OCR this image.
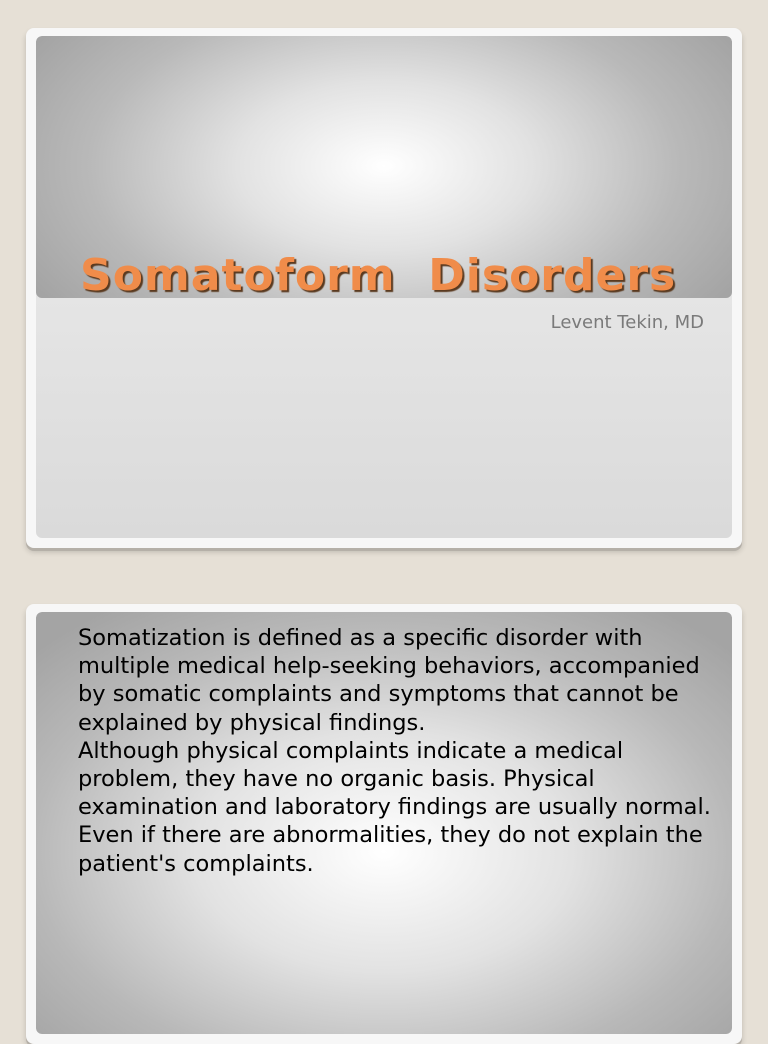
Somatoform  Disorders

Levent Tekin, MD

Somatization is defined as a specific disorder with multiple medical help-seeking behaviors, accompanied by somatic complaints and symptoms that cannot be explained by physical findings.

Although physical complaints indicate a medical problem, they have no organic basis. Physical examination and laboratory findings are usually normal. Even if there are abnormalities, they do not explain the patient's complaints.
